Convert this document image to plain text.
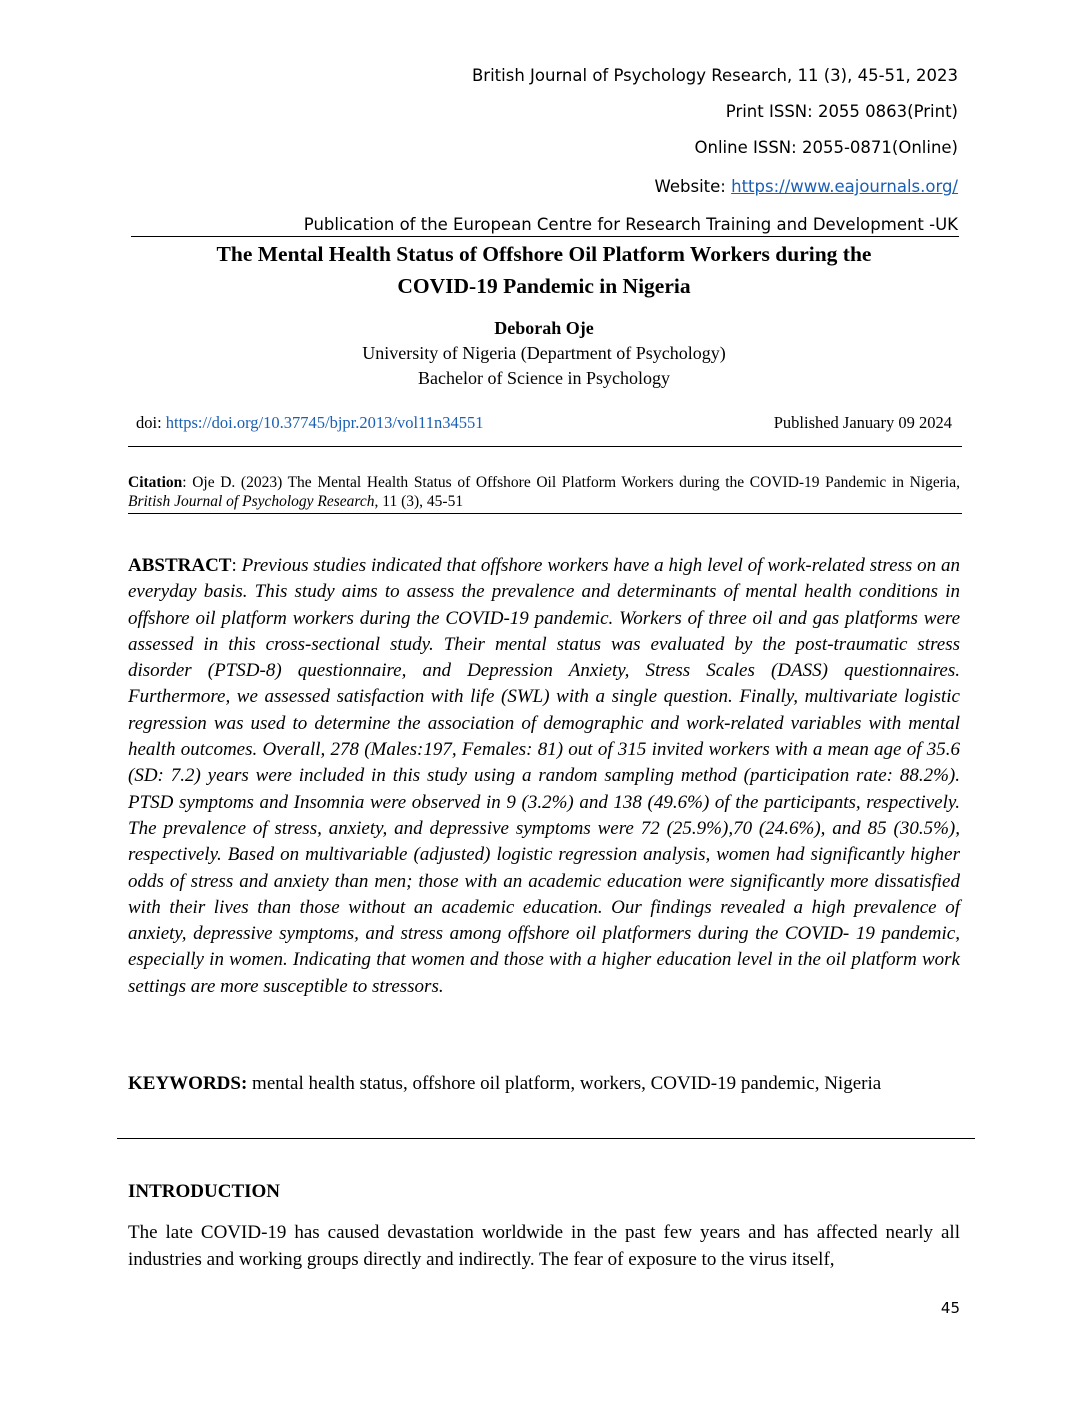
British Journal of Psychology Research, 11 (3), 45-51, 2023
Print ISSN: 2055 0863(Print)
Online ISSN: 2055-0871(Online)
Website: https://www.eajournals.org/
Publication of the European Centre for Research Training and Development -UK
The Mental Health Status of Offshore Oil Platform Workers during the
COVID-19 Pandemic in Nigeria
Deborah Oje
University of Nigeria (Department of Psychology)
Bachelor of Science in Psychology
doi: https://doi.org/10.37745/bjpr.2013/vol11n34551	Published January 09 2024
Citation: Oje D. (2023) The Mental Health Status of Offshore Oil Platform Workers during the COVID-19 Pandemic in Nigeria, British Journal of Psychology Research, 11 (3), 45-51
ABSTRACT: Previous studies indicated that offshore workers have a high level of work-related stress on an everyday basis. This study aims to assess the prevalence and determinants of mental health conditions in offshore oil platform workers during the COVID-19 pandemic. Workers of three oil and gas platforms were assessed in this cross-sectional study. Their mental status was evaluated by the post-traumatic stress disorder (PTSD-8) questionnaire, and Depression Anxiety, Stress Scales (DASS) questionnaires. Furthermore, we assessed satisfaction with life (SWL) with a single question. Finally, multivariate logistic regression was used to determine the association of demographic and work-related variables with mental health outcomes. Overall, 278 (Males:197, Females: 81) out of 315 invited workers with a mean age of 35.6 (SD: 7.2) years were included in this study using a random sampling method (participation rate: 88.2%). PTSD symptoms and Insomnia were observed in 9 (3.2%) and 138 (49.6%) of the participants, respectively. The prevalence of stress, anxiety, and depressive symptoms were 72 (25.9%),70 (24.6%), and 85 (30.5%), respectively. Based on multivariable (adjusted) logistic regression analysis, women had significantly higher odds of stress and anxiety than men; those with an academic education were significantly more dissatisfied with their lives than those without an academic education. Our findings revealed a high prevalence of anxiety, depressive symptoms, and stress among offshore oil platformers during the COVID- 19 pandemic, especially in women. Indicating that women and those with a higher education level in the oil platform work settings are more susceptible to stressors.
KEYWORDS: mental health status, offshore oil platform, workers, COVID-19 pandemic, Nigeria
INTRODUCTION
The late COVID-19 has caused devastation worldwide in the past few years and has affected nearly all industries and working groups directly and indirectly. The fear of exposure to the virus itself,
45
